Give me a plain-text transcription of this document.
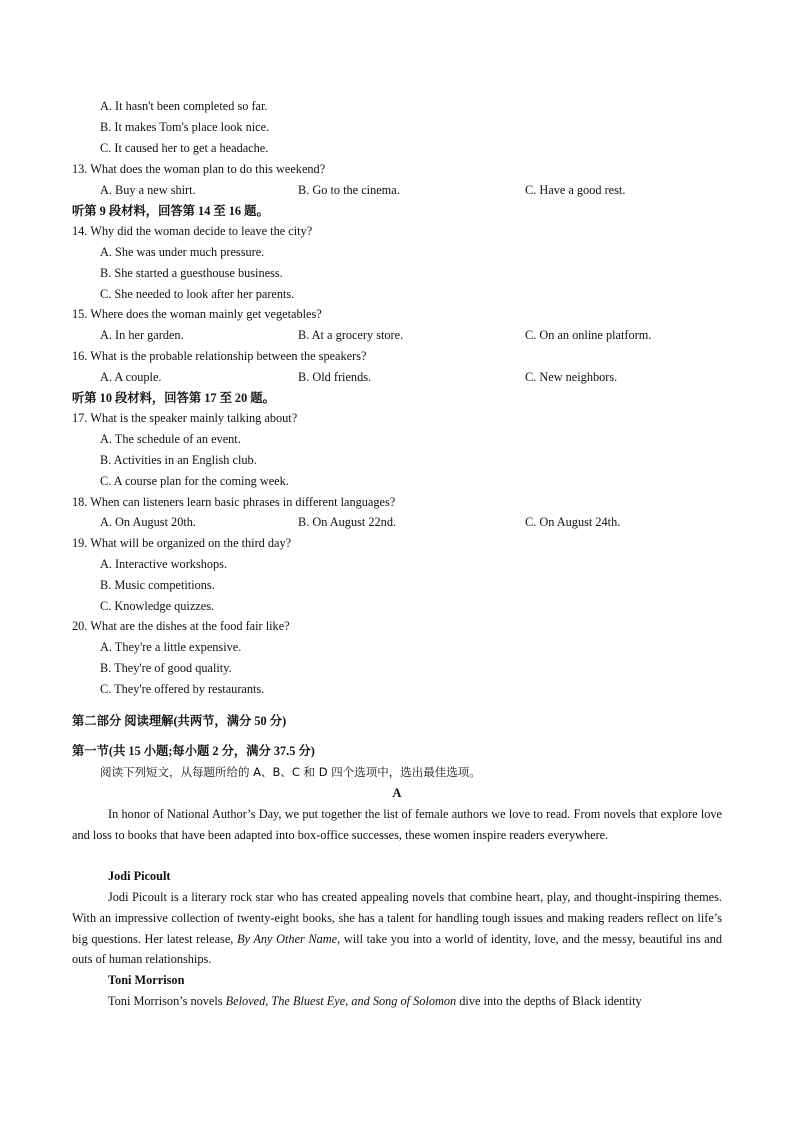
A. It hasn't been completed so far.
B. It makes Tom's place look nice.
C. It caused her to get a headache.
13. What does the woman plan to do this weekend?
A. Buy a new shirt.	B. Go to the cinema.	C. Have a good rest.
听第 9 段材料，回答第 14 至 16 题。
14. Why did the woman decide to leave the city?
A. She was under much pressure.
B. She started a guesthouse business.
C. She needed to look after her parents.
15. Where does the woman mainly get vegetables?
A. In her garden.	B. At a grocery store.	C. On an online platform.
16. What is the probable relationship between the speakers?
A. A couple.	B. Old friends.	C. New neighbors.
听第 10 段材料，回答第 17 至 20 题。
17. What is the speaker mainly talking about?
A. The schedule of an event.
B. Activities in an English club.
C. A course plan for the coming week.
18. When can listeners learn basic phrases in different languages?
A. On August 20th.	B. On August 22nd.	C. On August 24th.
19. What will be organized on the third day?
A. Interactive workshops.
B. Music competitions.
C. Knowledge quizzes.
20. What are the dishes at the food fair like?
A. They're a little expensive.
B. They're of good quality.
C. They're offered by restaurants.
第二部分 阅读理解(共两节，满分 50 分)
第一节(共 15 小题;每小题 2 分，满分 37.5 分)
阅读下列短文，从每题所给的 A、B、C 和 D 四个选项中，选出最佳选项。
A
In honor of National Author’s Day, we put together the list of female authors we love to read. From novels that explore love and loss to books that have been adapted into box-office successes, these women inspire readers everywhere.
Jodi Picoult
Jodi Picoult is a literary rock star who has created appealing novels that combine heart, play, and thought-inspiring themes. With an impressive collection of twenty-eight books, she has a talent for handling tough issues and making readers reflect on life’s big questions. Her latest release, By Any Other Name, will take you into a world of identity, love, and the messy, beautiful ins and outs of human relationships.
Toni Morrison
Toni Morrison’s novels Beloved, The Bluest Eye, and Song of Solomon dive into the depths of Black identity
